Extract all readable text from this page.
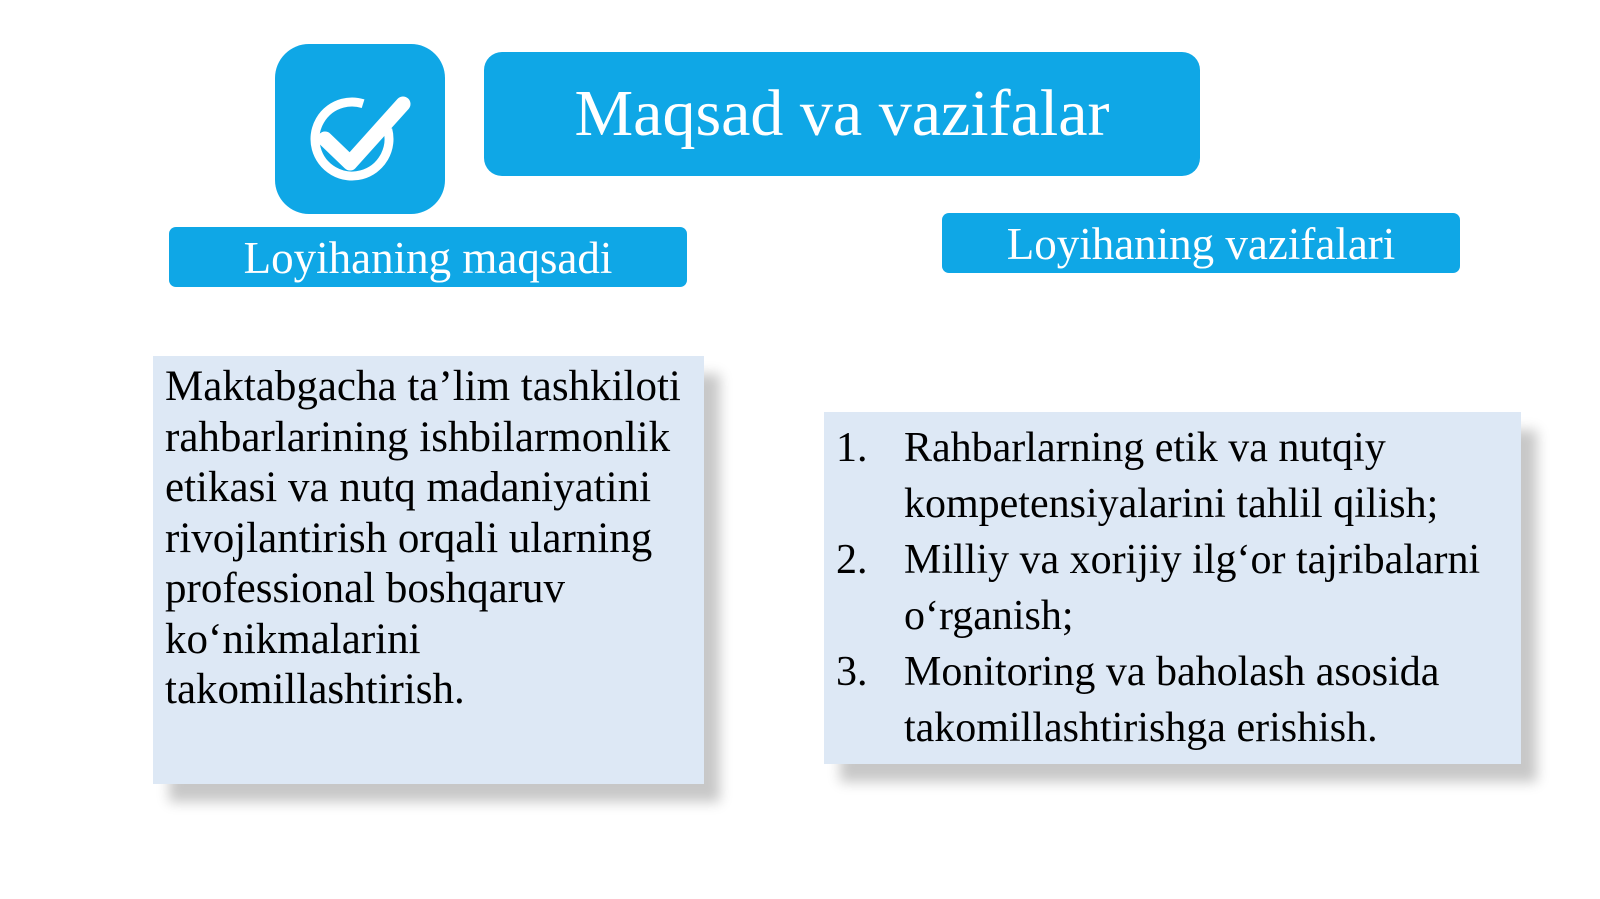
Maqsad va vazifalar
Loyihaning maqsadi	Loyihaning vazifalari
Maktabgacha ta’lim tashkiloti rahbarlarining ishbilarmonlik etikasi va nutq madaniyatini rivojlantirish orqali ularning professional boshqaruv ko‘nikmalarini takomillashtirish.
1. Rahbarlarning etik va nutqiy kompetensiyalarini tahlil qilish;
2. Milliy va xorijiy ilg‘or tajribalarni o‘rganish;
3. Monitoring va baholash asosida takomillashtirishga erishish.
